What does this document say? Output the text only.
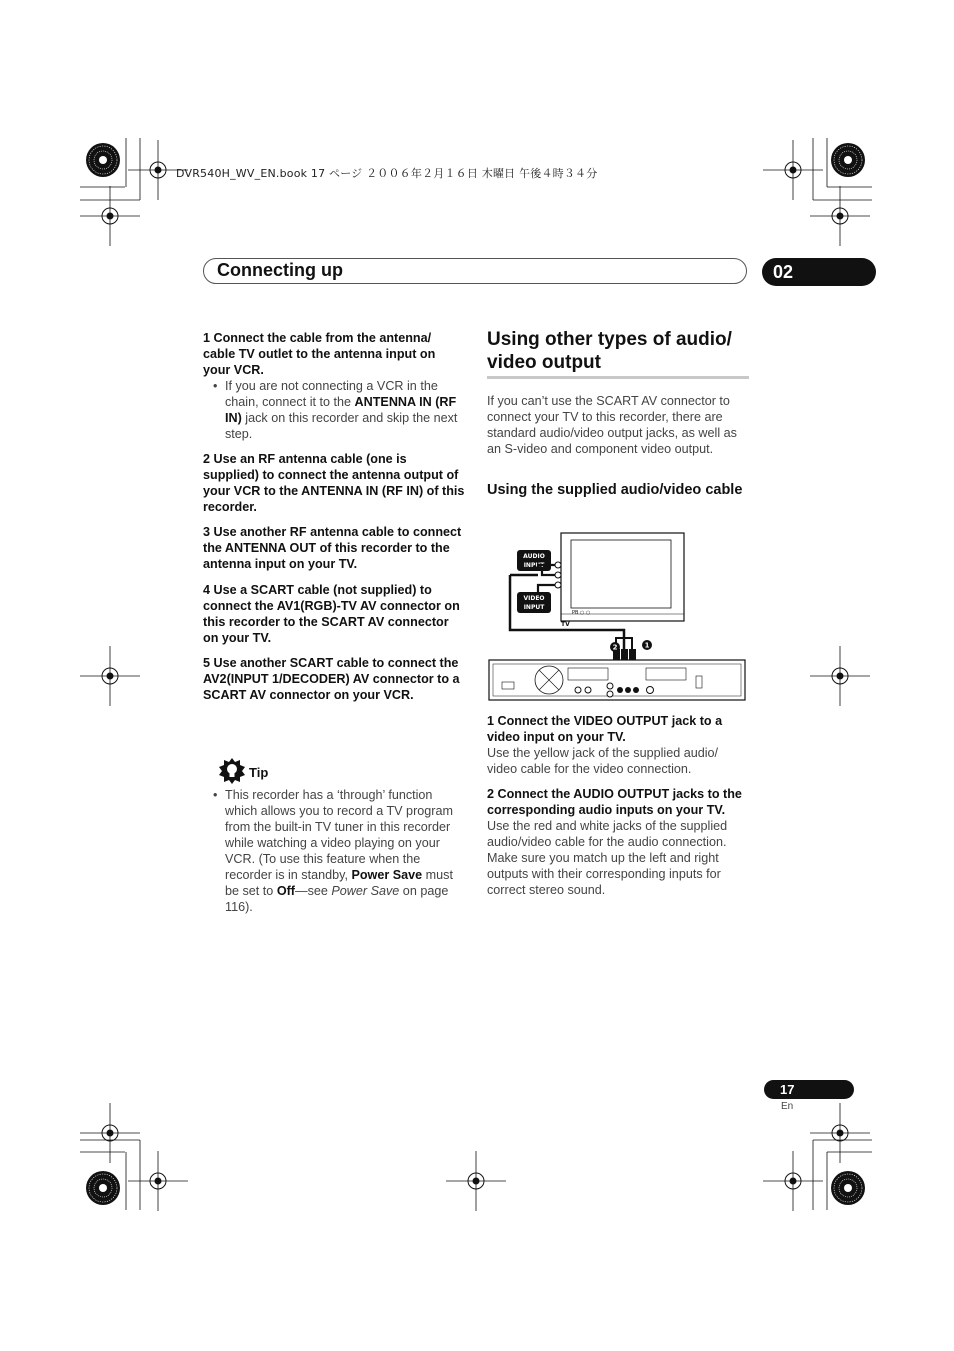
DVR540H_WV_EN.book 17 ページ ２００６年２月１６日 木曜日 午後４時３４分
Connecting up	02

1 Connect the cable from the antenna/ cable TV outlet to the antenna input on your VCR.

• If you are not connecting a VCR in the chain, connect it to the ANTENNA IN (RF IN) jack on this recorder and skip the next step.

2 Use an RF antenna cable (one is supplied) to connect the antenna output of your VCR to the ANTENNA IN (RF IN) of this recorder.

3 Use another RF antenna cable to connect the ANTENNA OUT of this recorder to the antenna input on your TV.

4 Use a SCART cable (not supplied) to connect the AV1(RGB)-TV AV connector on this recorder to the SCART AV connector on your TV.

5 Use another SCART cable to connect the AV2(INPUT 1/DECODER) AV connector to a SCART AV connector on your VCR.

Tip

• This recorder has a ‘through’ function which allows you to record a TV program from the built-in TV tuner in this recorder while watching a video playing on your VCR. (To use this feature when the recorder is in standby, Power Save must be set to Off—see Power Save on page 116).

Using other types of audio/ video output

If you can’t use the SCART AV connector to connect your TV to this recorder, there are standard audio/video output jacks, as well as an S-video and component video output.

Using the supplied audio/video cable
PB ○ ○
AUDIO
INPUT
VIDEO
INPUT
TV
2	1

1 Connect the VIDEO OUTPUT jack to a video input on your TV.

Use the yellow jack of the supplied audio/ video cable for the video connection.

2 Connect the AUDIO OUTPUT jacks to the corresponding audio inputs on your TV.

Use the red and white jacks of the supplied audio/video cable for the audio connection. Make sure you match up the left and right outputs with their corresponding inputs for correct stereo sound.

17
En
